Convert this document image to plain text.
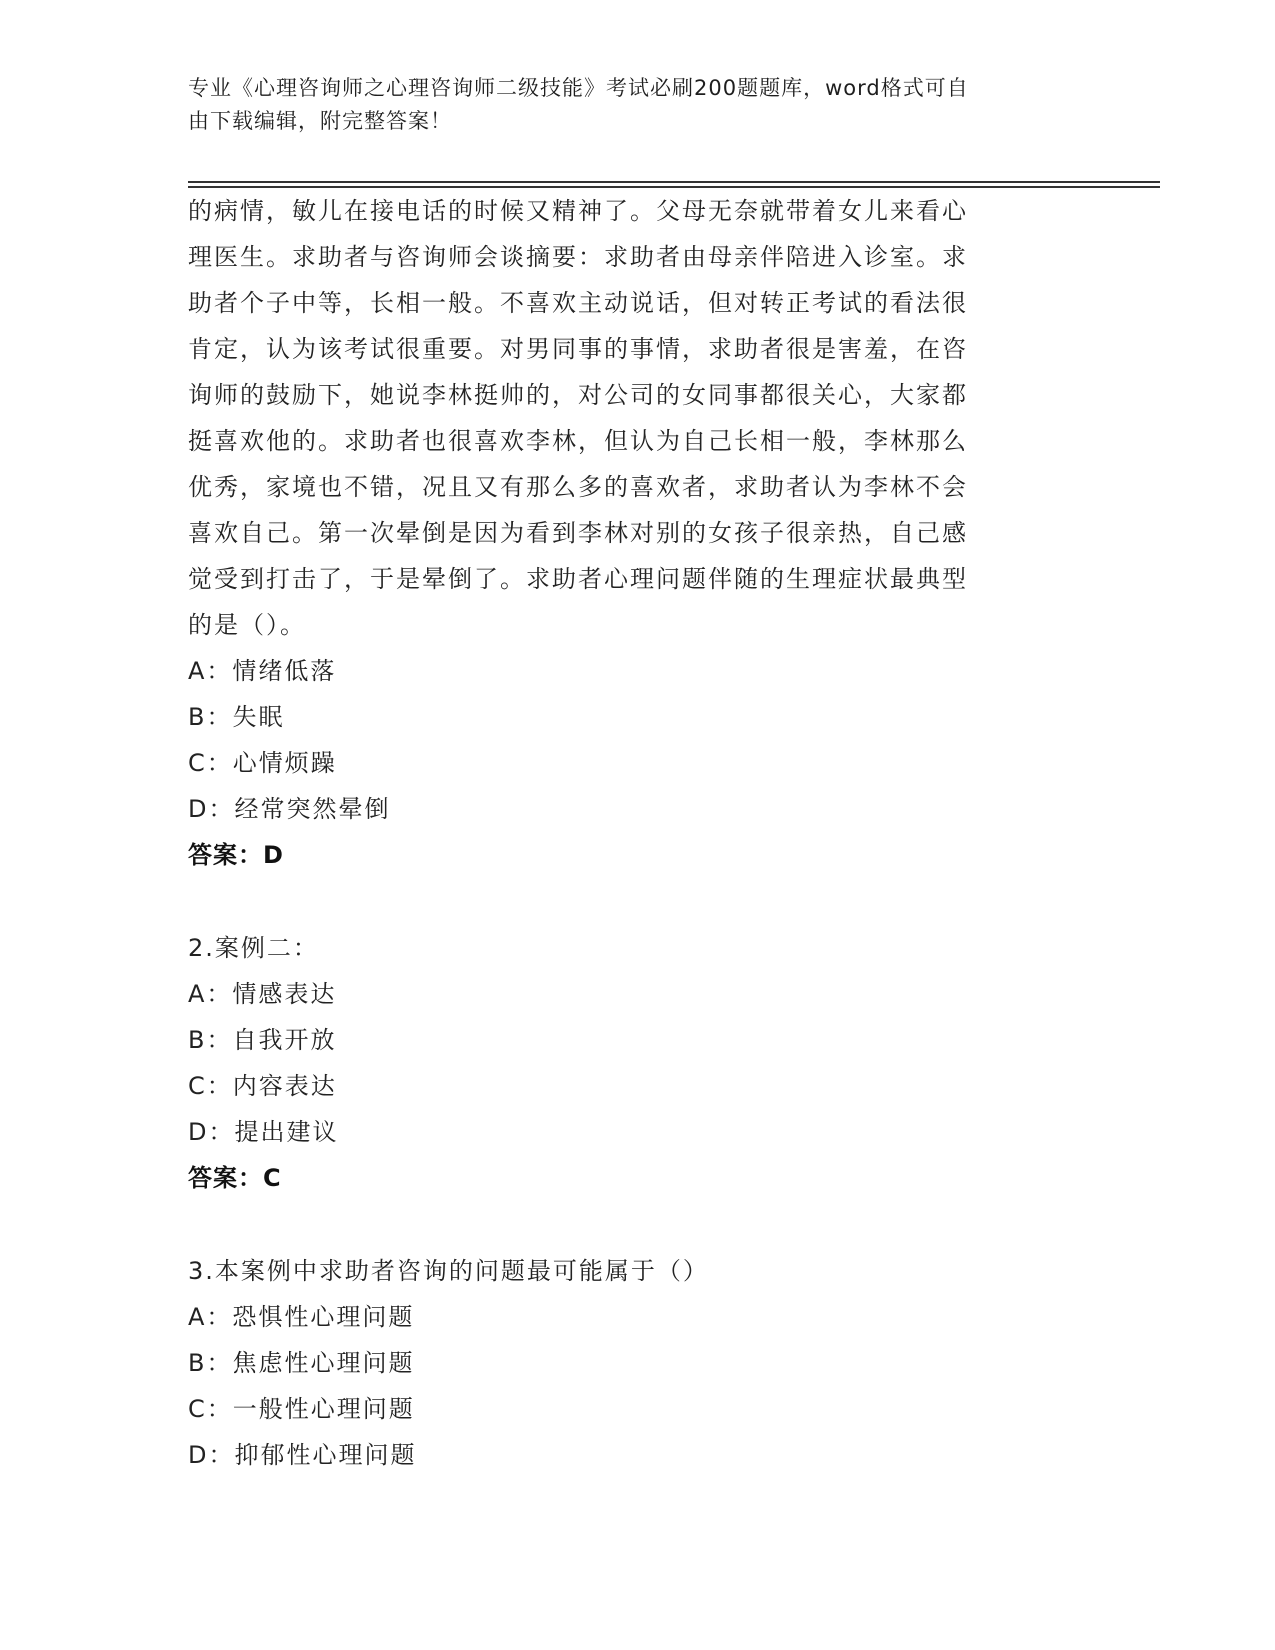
专业《心理咨询师之心理咨询师二级技能》考试必刷200题题库，word格式可自
由下载编辑，附完整答案！
的病情，敏儿在接电话的时候又精神了。父母无奈就带着女儿来看心
理医生。求助者与咨询师会谈摘要：求助者由母亲伴陪进入诊室。求
助者个子中等，长相一般。不喜欢主动说话，但对转正考试的看法很
肯定，认为该考试很重要。对男同事的事情，求助者很是害羞，在咨
询师的鼓励下，她说李林挺帅的，对公司的女同事都很关心，大家都
挺喜欢他的。求助者也很喜欢李林，但认为自己长相一般，李林那么
优秀，家境也不错，况且又有那么多的喜欢者，求助者认为李林不会
喜欢自己。第一次晕倒是因为看到李林对别的女孩子很亲热，自己感
觉受到打击了，于是晕倒了。求助者心理问题伴随的生理症状最典型
的是（）。
A：情绪低落
B：失眠
C：心情烦躁
D：经常突然晕倒
答案：D
2.案例二：
A：情感表达
B：自我开放
C：内容表达
D：提出建议
答案：C
3.本案例中求助者咨询的问题最可能属于（）
A：恐惧性心理问题
B：焦虑性心理问题
C：一般性心理问题
D：抑郁性心理问题
